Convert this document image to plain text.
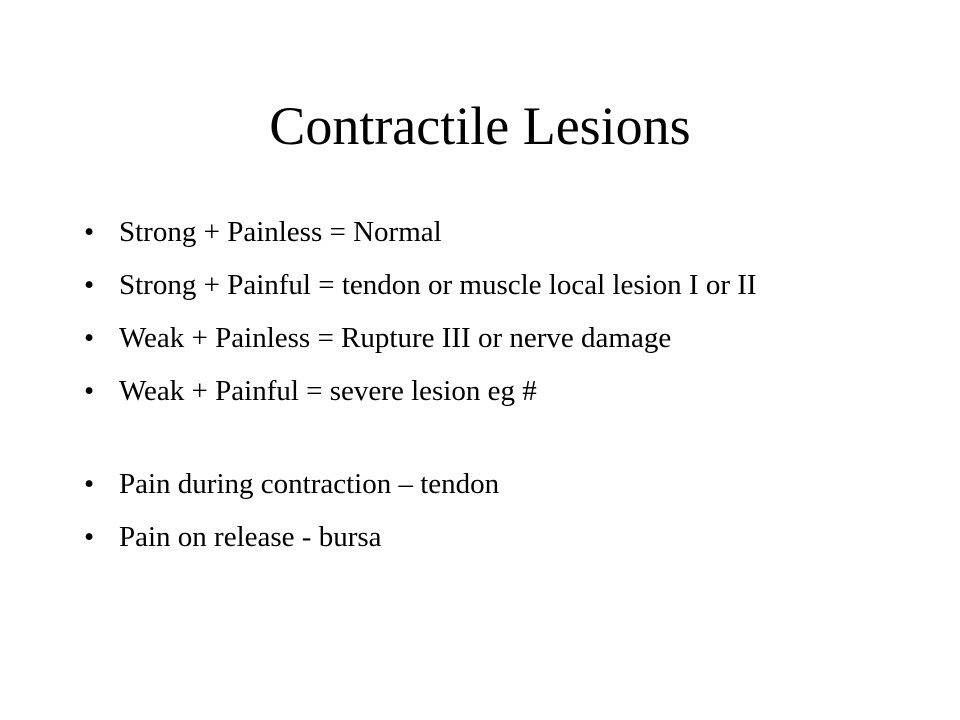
Contractile Lesions
• Strong + Painless = Normal
• Strong + Painful = tendon or muscle local lesion I or II
• Weak + Painless = Rupture III or nerve damage
• Weak + Painful = severe lesion eg #
• Pain during contraction – tendon
• Pain on release - bursa
